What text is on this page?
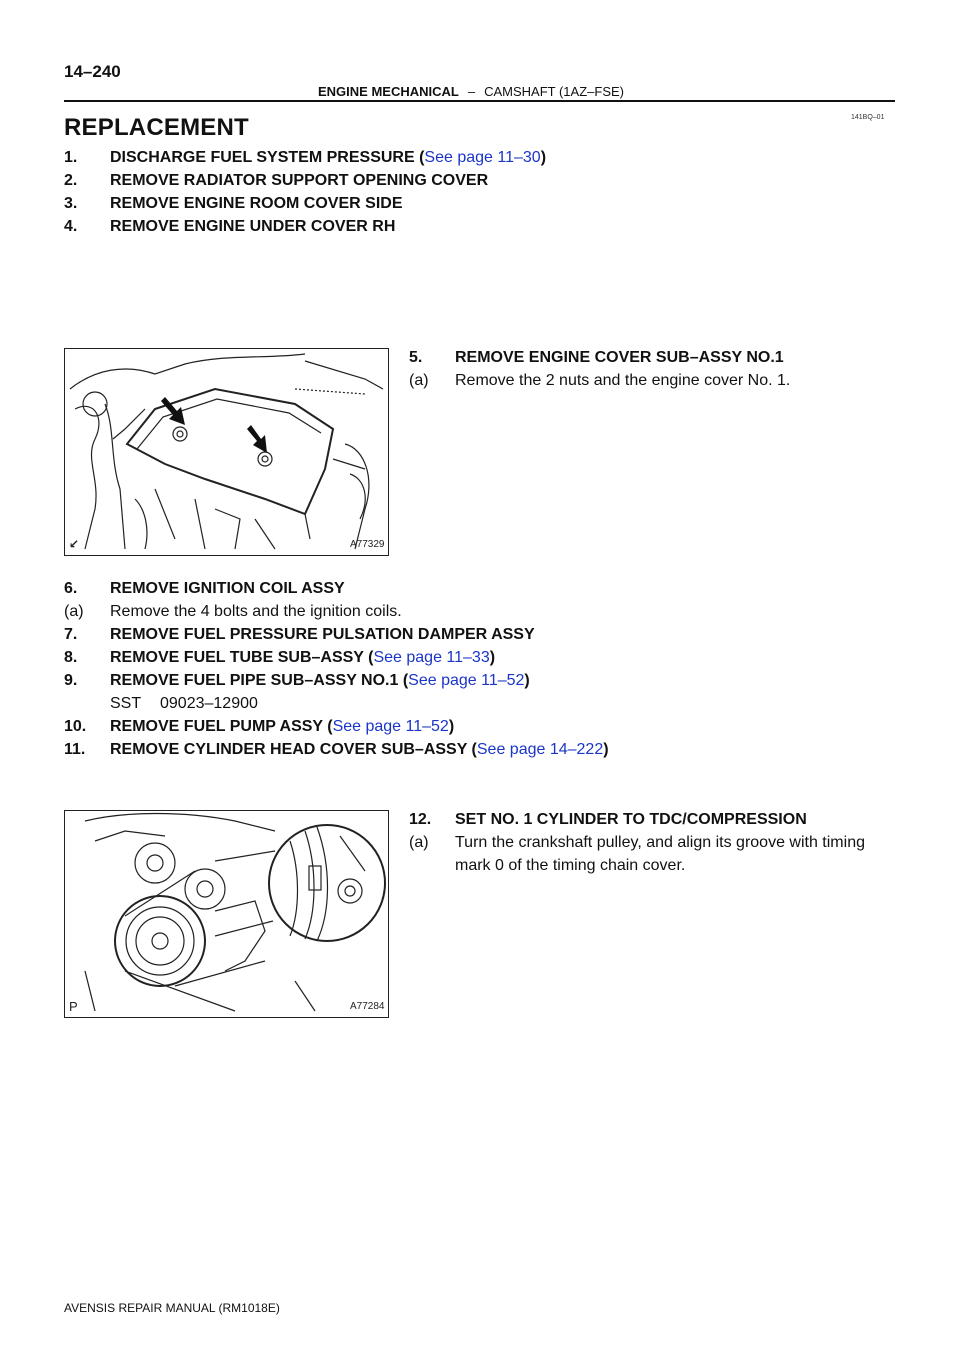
14–240
ENGINE MECHANICAL – CAMSHAFT (1AZ–FSE)
141BQ–01
REPLACEMENT
1. DISCHARGE FUEL SYSTEM PRESSURE (See page 11–30)
2. REMOVE RADIATOR SUPPORT OPENING COVER
3. REMOVE ENGINE ROOM COVER SIDE
4. REMOVE ENGINE UNDER COVER RH
↙	A77329
5. REMOVE ENGINE COVER SUB–ASSY NO.1
(a) Remove the 2 nuts and the engine cover No. 1.
6. REMOVE IGNITION COIL ASSY
(a) Remove the 4 bolts and the ignition coils.
7. REMOVE FUEL PRESSURE PULSATION DAMPER ASSY
8. REMOVE FUEL TUBE SUB–ASSY (See page 11–33)
9. REMOVE FUEL PIPE SUB–ASSY NO.1 (See page 11–52)
SST 09023–12900
10. REMOVE FUEL PUMP ASSY (See page 11–52)
11. REMOVE CYLINDER HEAD COVER SUB–ASSY (See page 14–222)
P	A77284
12. SET NO. 1 CYLINDER TO TDC/COMPRESSION
(a) Turn the crankshaft pulley, and align its groove with timing
mark 0 of the timing chain cover.
AVENSIS REPAIR MANUAL (RM1018E)
